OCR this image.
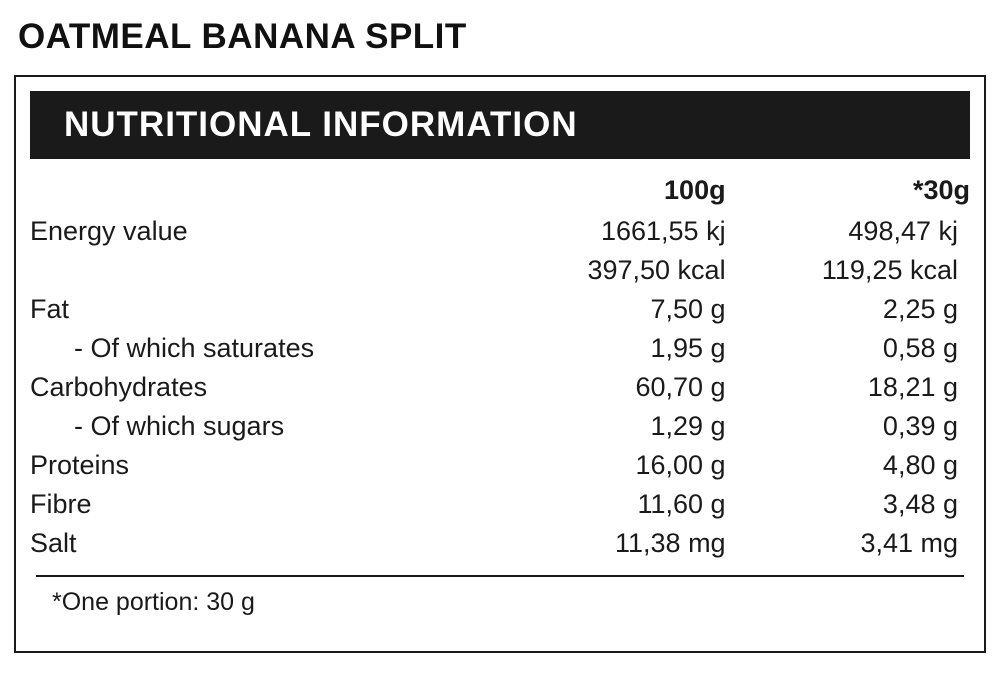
OATMEAL BANANA SPLIT
NUTRITIONAL INFORMATION
	100g	*30g
Energy value	1661,55 kj	498,47 kj
	397,50 kcal	119,25 kcal
Fat	7,50 g	2,25 g
- Of which saturates	1,95 g	0,58 g
Carbohydrates	60,70 g	18,21 g
- Of which sugars	1,29 g	0,39 g
Proteins	16,00 g	4,80 g
Fibre	11,60 g	3,48 g
Salt	11,38 mg	3,41 mg
*One portion: 30 g
